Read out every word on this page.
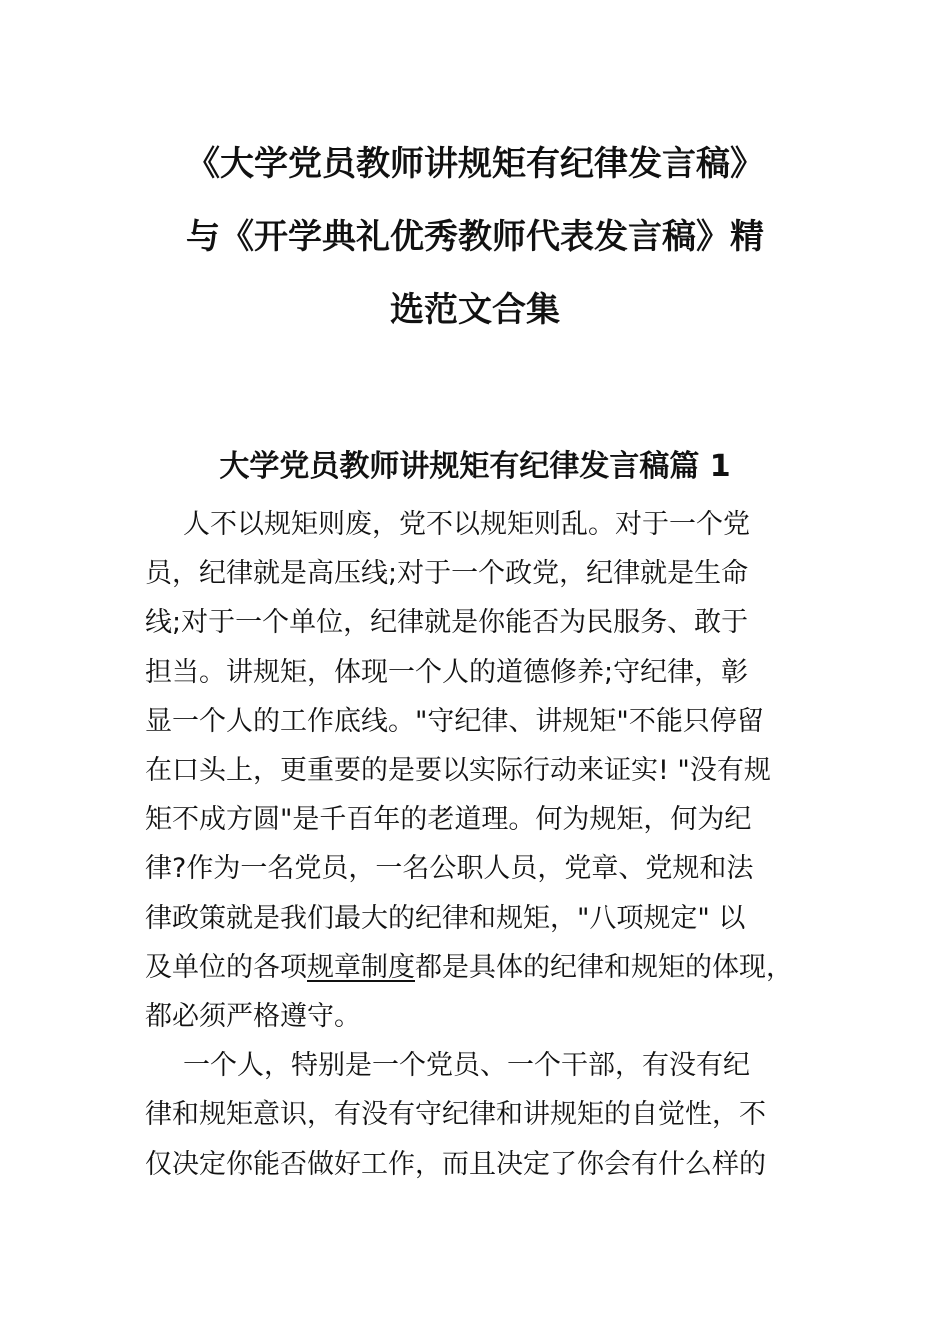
《大学党员教师讲规矩有纪律发言稿》
与《开学典礼优秀教师代表发言稿》精
选范文合集
大学党员教师讲规矩有纪律发言稿篇 1

人不以规矩则废，党不以规矩则乱。对于一个党
员，纪律就是高压线;对于一个政党，纪律就是生命
线;对于一个单位，纪律就是你能否为民服务、敢于
担当。讲规矩，体现一个人的道德修养;守纪律，彰
显一个人的工作底线。"守纪律、讲规矩"不能只停留
在口头上，更重要的是要以实际行动来证实! "没有规
矩不成方圆"是千百年的老道理。何为规矩，何为纪
律?作为一名党员，一名公职人员，党章、党规和法
律政策就是我们最大的纪律和规矩，"八项规定" 以
及单位的各项规章制度都是具体的纪律和规矩的体现，
都必须严格遵守。

一个人，特别是一个党员、一个干部，有没有纪
律和规矩意识，有没有守纪律和讲规矩的自觉性，不
仅决定你能否做好工作，而且决定了你会有什么样的
